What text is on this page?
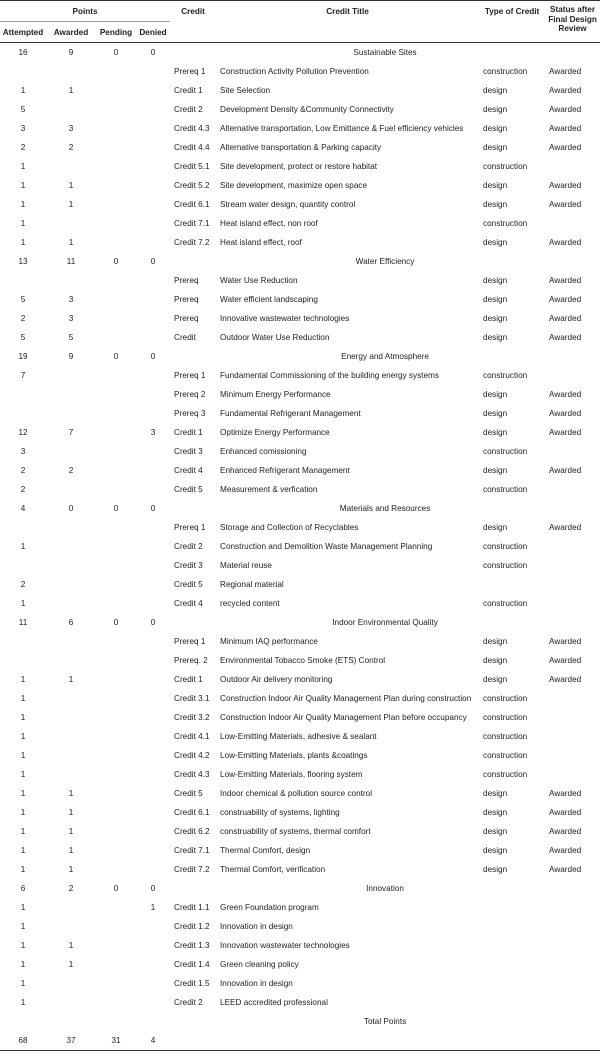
Points				Credit	Credit Title	Type of Credit	Status after Final Design Review
Attempted	Awarded	Pending	Denied				
16	9	0	0	Sustainable Sites			
				Prereq 1	Construction Activity Pollution Prevention	construction	Awarded
1	1			Credit 1	Site Selection	design	Awarded
5				Credit 2	Development Density &Community Connectivity	design	Awarded
3	3			Credit 4.3	Alternative transportation, Low Emittance & Fuel efficiency vehicles	design	Awarded
2	2			Credit 4.4	Alternative transportation & Parking capacity	design	Awarded
1				Credit 5.1	Site development, protect or restore habitat	construction	
1	1			Credit 5.2	Site development, maximize open space	design	Awarded
1	1			Credit 6.1	Stream water design, quantity control	design	Awarded
1				Credit 7.1	Heat island effect, non roof	construction	
1	1			Credit 7.2	Heat island effect, roof	design	Awarded
13	11	0	0	Water Efficiency			
				Prereq	Water Use Reduction	design	Awarded
5	3			Prereq	Water efficient landscaping	design	Awarded
2	3			Prereq	Innovative wastewater technologies	design	Awarded
5	5			Credit	Outdoor Water Use Reduction	design	Awarded
19	9	0	0	Energy and Atmosphere			
7				Prereq 1	Fundamental Commissioning of the building energy systems	construction	
				Prereq 2	Minimum Energy Performance	design	Awarded
				Prereq 3	Fundamental Refrigerant Management	design	Awarded
12	7		3	Credit 1	Optimize Energy Performance	design	Awarded
3				Credit 3	Enhanced comissioning	construction	
2	2			Credit 4	Enhanced Refrigerant Management	design	Awarded
2				Credit 5	Measurement & verfication	construction	
4	0	0	0	Materials and Resources			
				Prereq 1	Storage and Collection of Recyclables	design	Awarded
1				Credit 2	Construction and Demolition Waste Management Planning	construction	
				Credit 3	Material reuse	construction	
2				Credit 5	Regional material		
1				Credit 4	recycled content	construction	
11	6	0	0	Indoor Environmental Quality			
				Prereq 1	Minimum IAQ performance	design	Awarded
				Prereq. 2	Environmental Tobacco Smoke (ETS) Control	design	Awarded
1	1			Credit 1	Outdoor Air delivery monitoring	design	Awarded
1				Credit 3.1	Construction Indoor Air Quality Management Plan during construction	construction	
1				Credit 3.2	Construction Indoor Air Quality Management Plan before occupancy	construction	
1				Credit 4.1	Low-Emitting Materials, adhesive & sealant	construction	
1				Credit 4.2	Low-Emitting Materials, plants &coatings	construction	
1				Credit 4.3	Low-Emitting Materials, flooring system	construction	
1	1			Credit 5	Indoor chemical & pollution source control	design	Awarded
1	1			Credit 6.1	construability of systems, lighting	design	Awarded
1	1			Credit 6.2	construability of systems, thermal comfort	design	Awarded
1	1			Credit 7.1	Thermal Comfort, design	design	Awarded
1	1			Credit 7.2	Thermal Comfort, verification	design	Awarded
6	2	0	0	Innovation			
1			1	Credit 1.1	Green Foundation program		
1				Credit 1.2	Innovation in design		
1	1			Credit 1.3	Innovation wastewater technologies		
1	1			Credit 1.4	Green cleaning policy		
1				Credit 1.5	Innovation in design		
1				Credit 2	LEED accredited professional		
				Total Points			
68	37	31	4				
